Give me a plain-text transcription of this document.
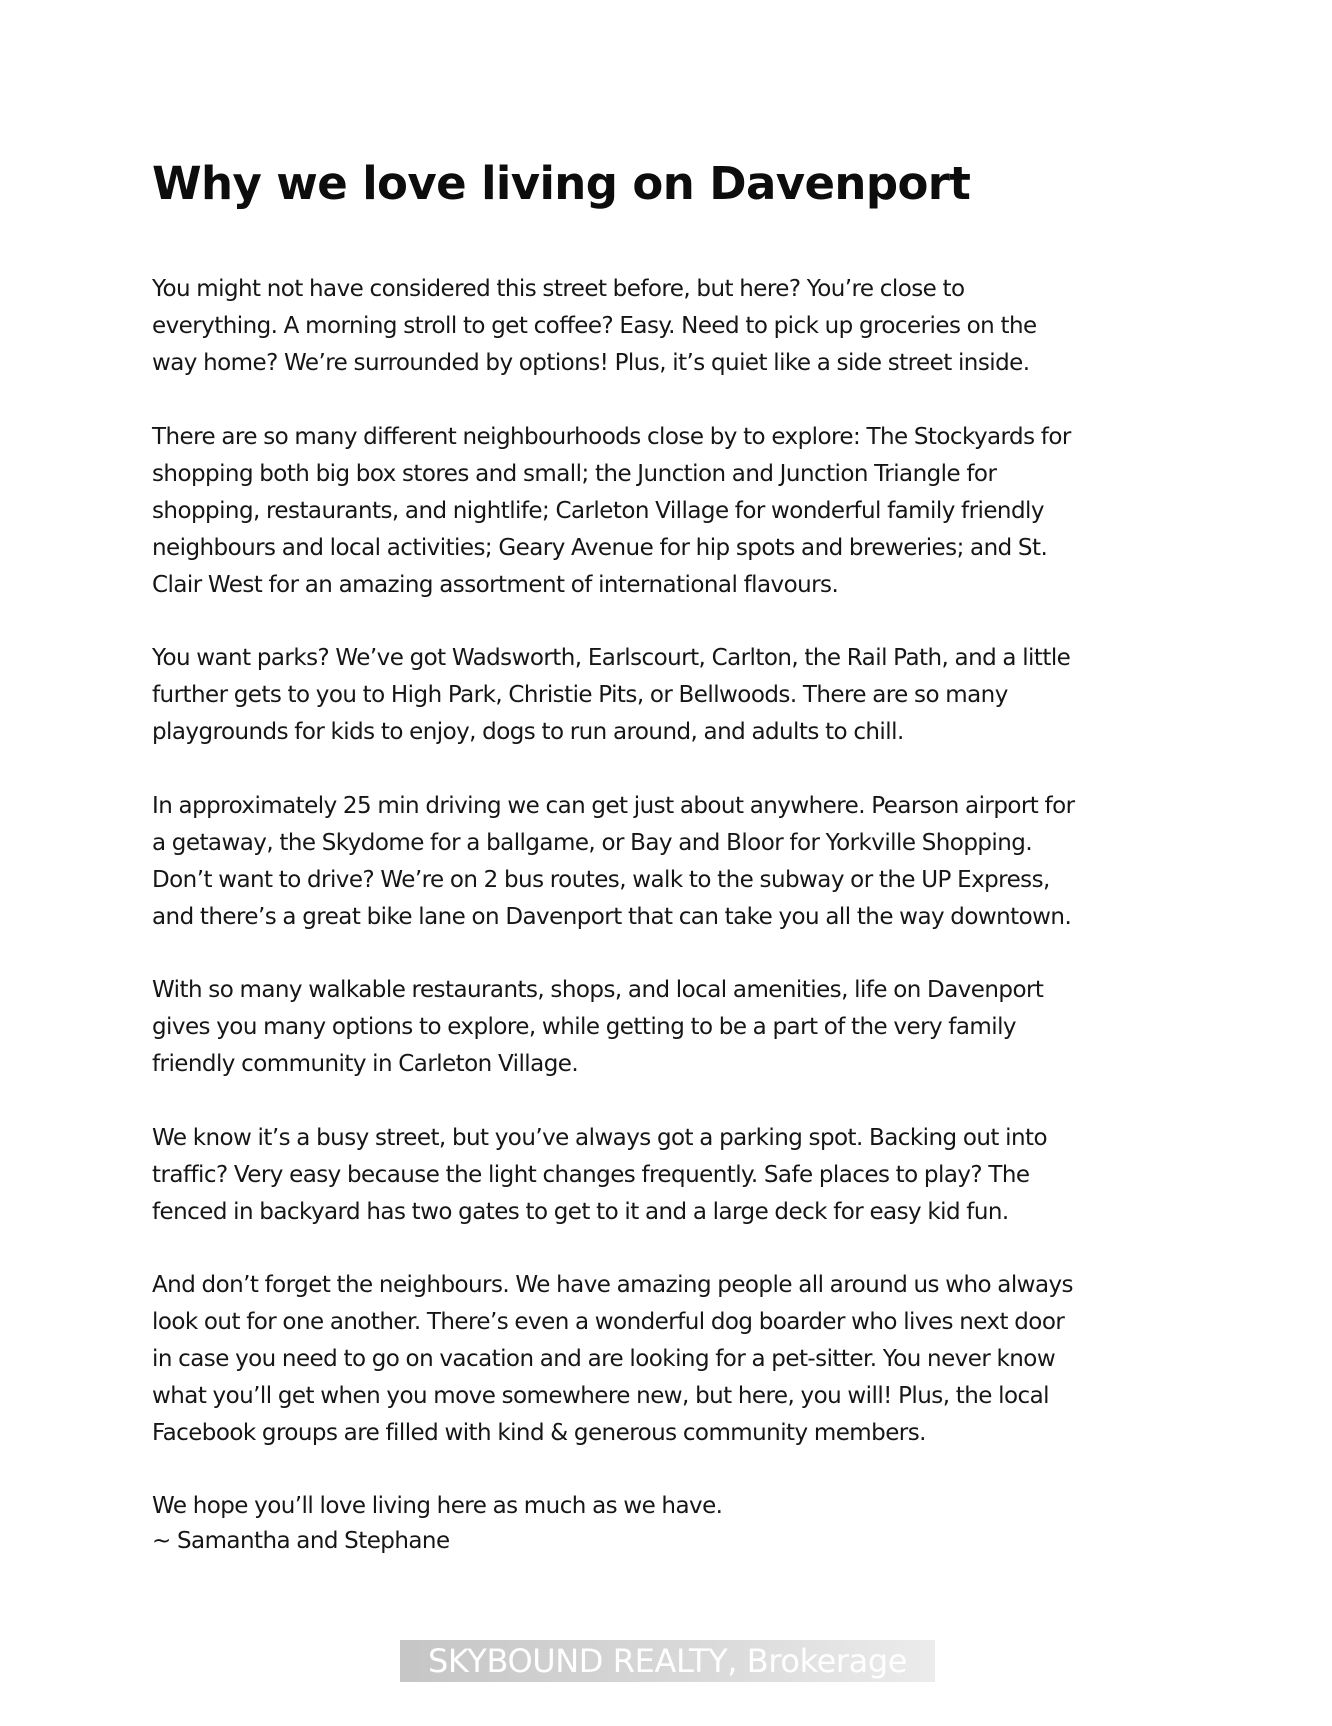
Why we love living on Davenport

You might not have considered this street before, but here? You’re close to
everything. A morning stroll to get coffee? Easy. Need to pick up groceries on the
way home? We’re surrounded by options! Plus, it’s quiet like a side street inside.

There are so many different neighbourhoods close by to explore: The Stockyards for
shopping both big box stores and small; the Junction and Junction Triangle for
shopping, restaurants, and nightlife; Carleton Village for wonderful family friendly
neighbours and local activities; Geary Avenue for hip spots and breweries; and St.
Clair West for an amazing assortment of international flavours.

You want parks? We’ve got Wadsworth, Earlscourt, Carlton, the Rail Path, and a little
further gets to you to High Park, Christie Pits, or Bellwoods. There are so many
playgrounds for kids to enjoy, dogs to run around, and adults to chill.

In approximately 25 min driving we can get just about anywhere. Pearson airport for
a getaway, the Skydome for a ballgame, or Bay and Bloor for Yorkville Shopping.
Don’t want to drive? We’re on 2 bus routes, walk to the subway or the UP Express,
and there’s a great bike lane on Davenport that can take you all the way downtown.

With so many walkable restaurants, shops, and local amenities, life on Davenport
gives you many options to explore, while getting to be a part of the very family
friendly community in Carleton Village.

We know it’s a busy street, but you’ve always got a parking spot. Backing out into
traffic? Very easy because the light changes frequently. Safe places to play? The
fenced in backyard has two gates to get to it and a large deck for easy kid fun.

And don’t forget the neighbours. We have amazing people all around us who always
look out for one another. There’s even a wonderful dog boarder who lives next door
in case you need to go on vacation and are looking for a pet-sitter. You never know
what you’ll get when you move somewhere new, but here, you will! Plus, the local
Facebook groups are filled with kind & generous community members.

We hope you’ll love living here as much as we have.
~ Samantha and Stephane

SKYBOUND REALTY, Brokerage
